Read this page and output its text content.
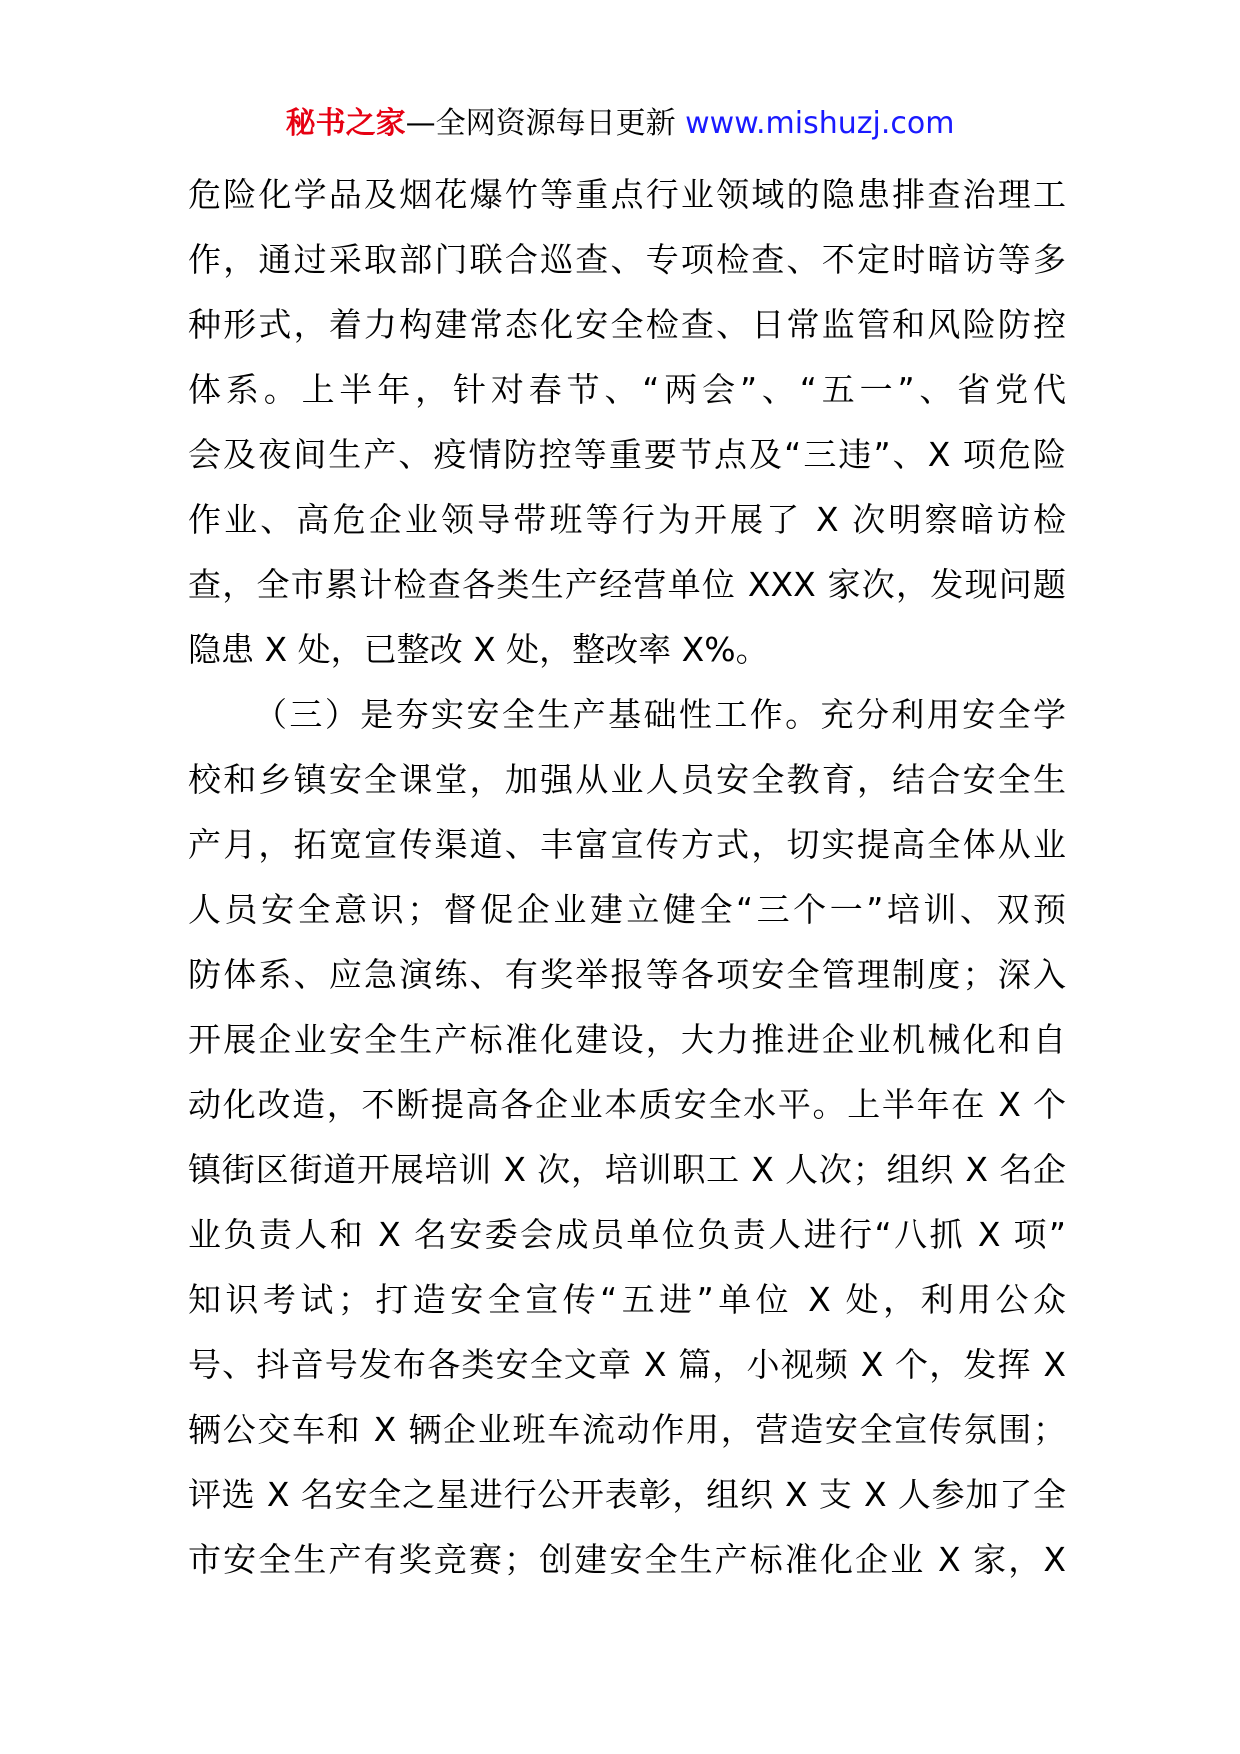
秘书之家—全网资源每日更新 www.mishuzj.com
危险化学品及烟花爆竹等重点行业领域的隐患排查治理工
作，通过采取部门联合巡查、专项检查、不定时暗访等多
种形式，着力构建常态化安全检查、日常监管和风险防控
体系。上半年，针对春节、“两会”、“五一”、省党代
会及夜间生产、疫情防控等重要节点及“三违”、X 项危险
作业、高危企业领导带班等行为开展了 X 次明察暗访检
查，全市累计检查各类生产经营单位 XXX 家次，发现问题
隐患 X 处，已整改 X 处，整改率 X%。
（三）是夯实安全生产基础性工作。充分利用安全学
校和乡镇安全课堂，加强从业人员安全教育，结合安全生
产月，拓宽宣传渠道、丰富宣传方式，切实提高全体从业
人员安全意识；督促企业建立健全“三个一”培训、双预
防体系、应急演练、有奖举报等各项安全管理制度；深入
开展企业安全生产标准化建设，大力推进企业机械化和自
动化改造，不断提高各企业本质安全水平。上半年在 X 个
镇街区街道开展培训 X 次，培训职工 X 人次；组织 X 名企
业负责人和 X 名安委会成员单位负责人进行“八抓 X 项”
知识考试；打造安全宣传“五进”单位 X 处，利用公众
号、抖音号发布各类安全文章 X 篇，小视频 X 个，发挥 X
辆公交车和 X 辆企业班车流动作用，营造安全宣传氛围；
评选 X 名安全之星进行公开表彰，组织 X 支 X 人参加了全
市安全生产有奖竞赛；创建安全生产标准化企业 X 家，X
